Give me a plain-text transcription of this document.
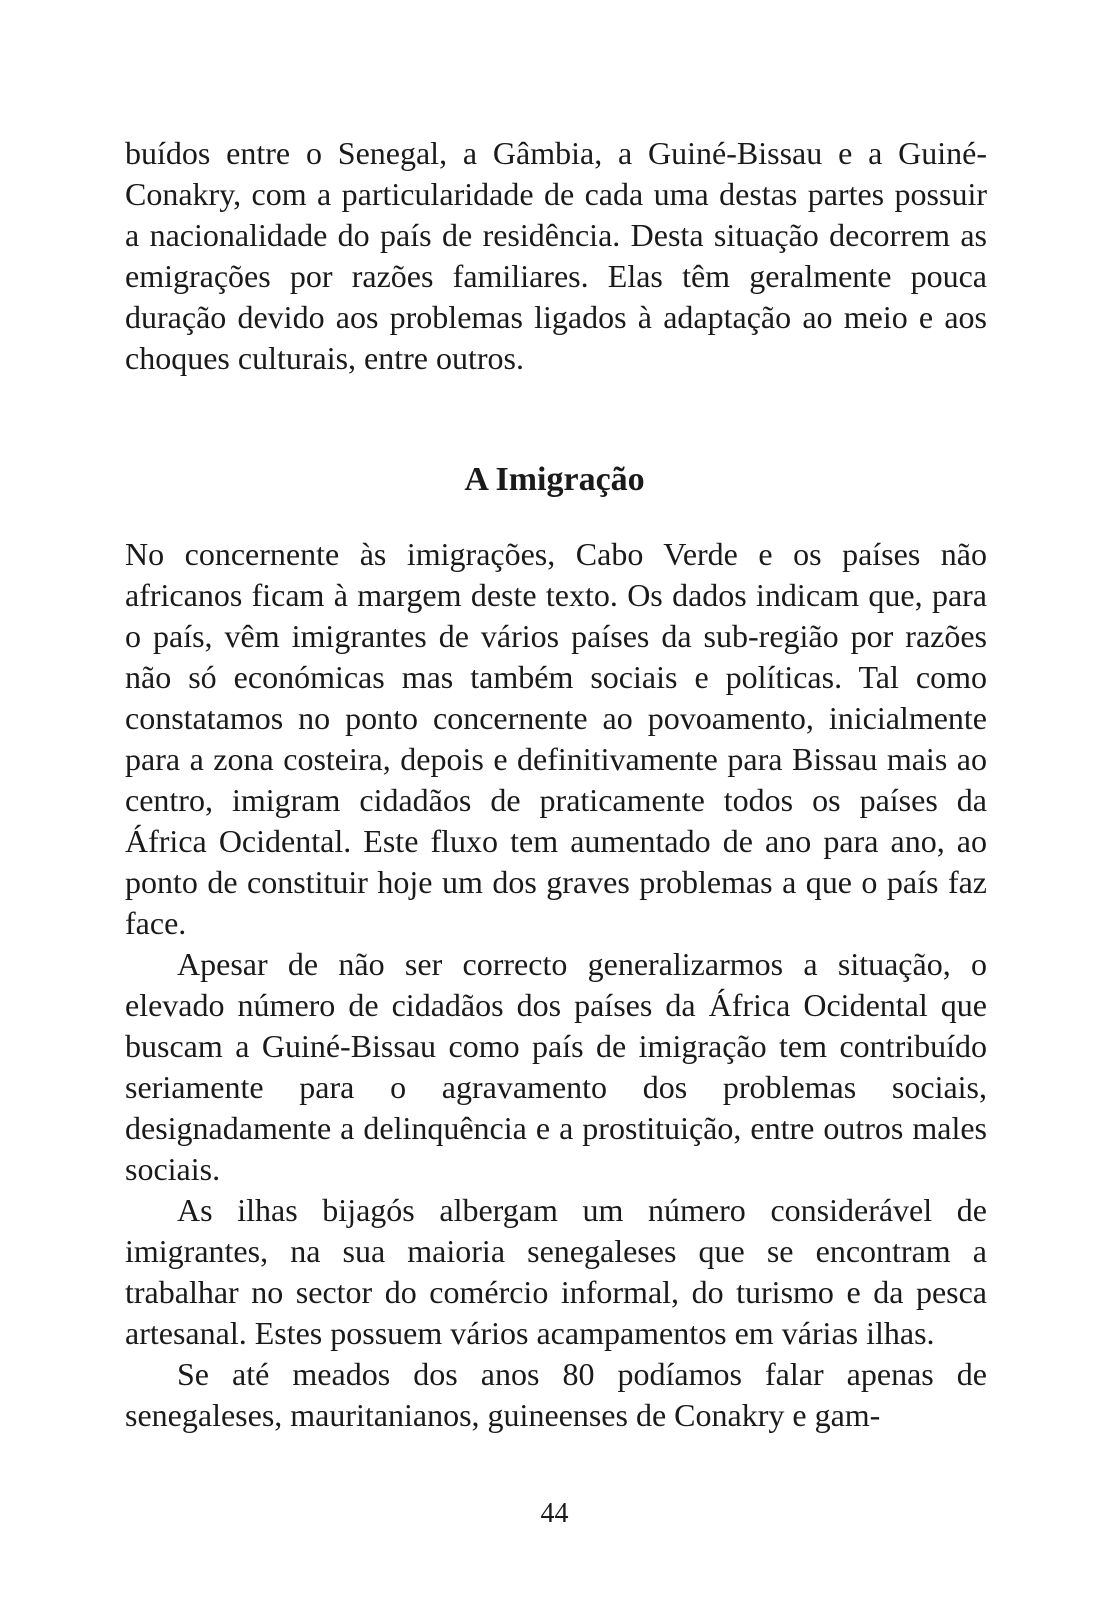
buídos entre o Senegal, a Gâmbia, a Guiné-Bissau e a Guiné-Conakry, com a particularidade de cada uma destas partes possuir a nacionalidade do país de residência. Desta situação decorrem as emigrações por razões familiares. Elas têm geralmente pouca duração devido aos problemas ligados à adaptação ao meio e aos choques culturais, entre outros.

A Imigração

No concernente às imigrações, Cabo Verde e os países não africanos ficam à margem deste texto. Os dados indicam que, para o país, vêm imigrantes de vários países da sub-região por razões não só económicas mas também sociais e políticas. Tal como constatamos no ponto concernente ao povoamento, inicialmente para a zona costeira, depois e definitivamente para Bissau mais ao centro, imigram cidadãos de praticamente todos os países da África Ocidental. Este fluxo tem aumentado de ano para ano, ao ponto de constituir hoje um dos graves problemas a que o país faz face.

Apesar de não ser correcto generalizarmos a situação, o elevado número de cidadãos dos países da África Ocidental que buscam a Guiné-Bissau como país de imigração tem contribuído seriamente para o agravamento dos problemas sociais, designadamente a delinquência e a prostituição, entre outros males sociais.

As ilhas bijagós albergam um número considerável de imigrantes, na sua maioria senegaleses que se encontram a trabalhar no sector do comércio informal, do turismo e da pesca artesanal. Estes possuem vários acampamentos em várias ilhas.

Se até meados dos anos 80 podíamos falar apenas de senegaleses, mauritanianos, guineenses de Conakry e gam-

44
